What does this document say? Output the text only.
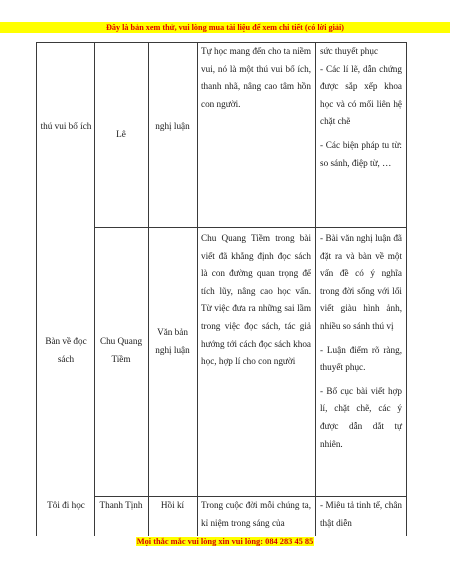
thú vui bổ ích
Lê
Tự học mang đến cho ta niềm vui, nó là một thú vui bổ ích, thanh nhã, nâng cao tâm hồn con người.

sức thuyết phục

- Các lí lẽ, dẫn chứng được sắp xếp khoa học và có mối liên hệ chặt chẽ

- Các biện pháp tu từ: so sánh, điệp từ, …

Bàn về đọc sách
Chu Quang Tiềm
Chu Quang Tiềm trong bài viết đã khẳng định đọc sách là con đường quan trọng để tích lũy, nâng cao học vấn. Từ việc đưa ra những sai lầm trong việc đọc sách, tác giả hướng tới cách đọc sách khoa học, hợp lí cho con người

- Bài văn nghị luận đã đặt ra và bàn về một vấn đề có ý nghĩa trong đời sống với lối viết giàu hình ảnh, nhiều so sánh thú vị

- Luận điểm rõ ràng, thuyết phục.

- Bố cục bài viết hợp lí, chặt chẽ, các ý được dẫn dắt tự nhiên.

Tôi đi học	Thanh Tịnh	Trong cuộc đời mỗi chúng ta, kỉ niệm trong sáng của

- Miêu tả tinh tế, chân thật diễn

nghị luận
Văn bản nghị luận
Hồi kí
Đây là bản xem thử, vui lòng mua tài liệu để xem chi tiết (có lời giải)
Mọi thắc mắc vui lòng xin vui lòng: 084 283 45 85
